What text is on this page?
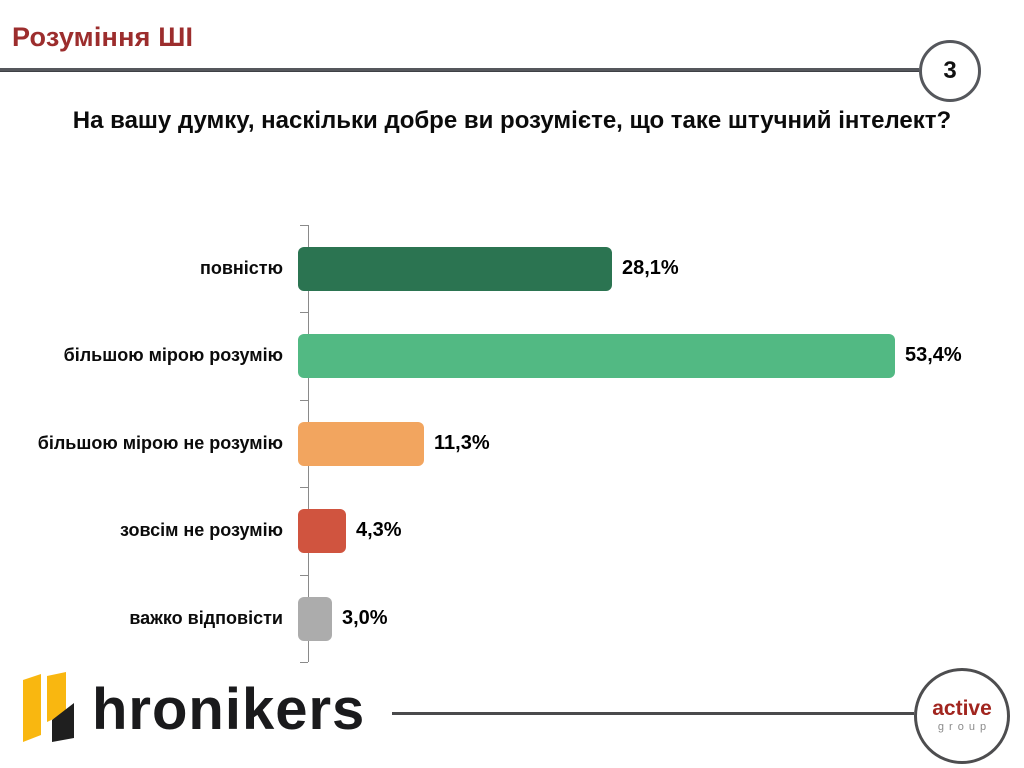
Розуміння ШІ
3
На вашу думку, наскільки добре ви розумієте, що таке штучний інтелект?
повністю	28,1%
більшою мірою розумію	53,4%
більшою мірою не розумію	11,3%
зовсім не розумію	4,3%
важко відповісти	3,0%
hronikers	active
group
